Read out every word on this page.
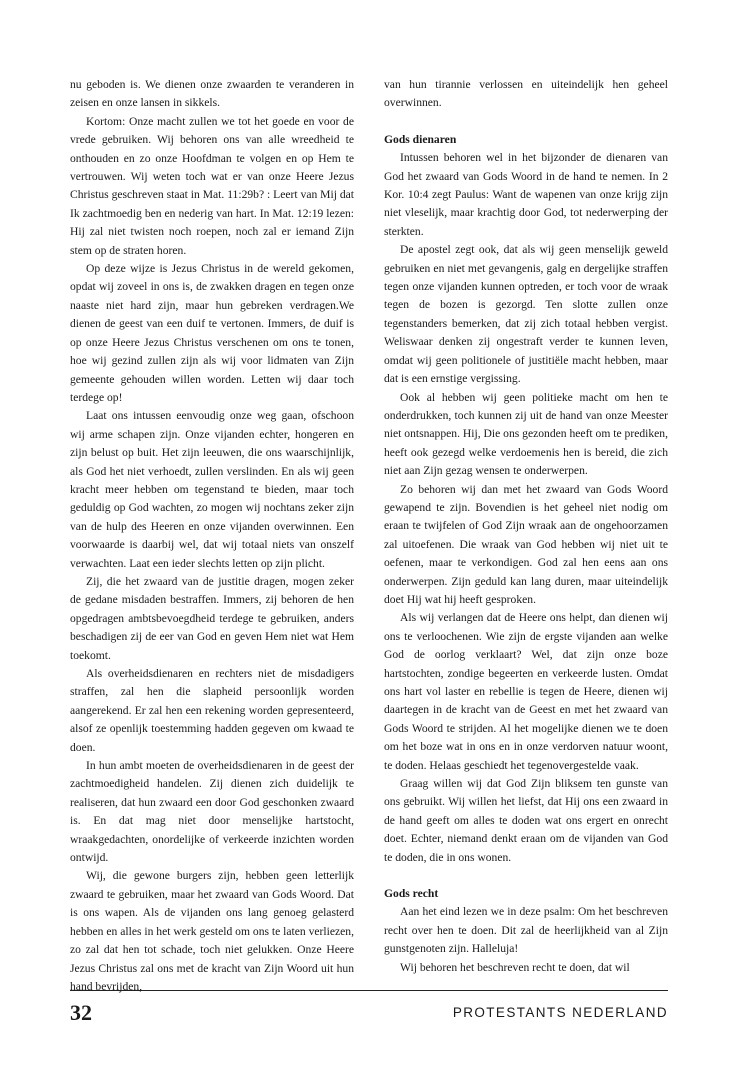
nu geboden is. We dienen onze zwaarden te veranderen in zeisen en onze lansen in sikkels.

Kortom: Onze macht zullen we tot het goede en voor de vrede gebruiken. Wij behoren ons van alle wreedheid te onthouden en zo onze Hoofdman te volgen en op Hem te vertrouwen. Wij weten toch wat er van onze Heere Jezus Christus geschreven staat in Mat. 11:29b? : Leert van Mij dat Ik zachtmoedig ben en nederig van hart. In Mat. 12:19 lezen: Hij zal niet twisten noch roepen, noch zal er iemand Zijn stem op de straten horen.

Op deze wijze is Jezus Christus in de wereld gekomen, opdat wij zoveel in ons is, de zwakken dragen en tegen onze naaste niet hard zijn, maar hun gebreken verdragen.We dienen de geest van een duif te vertonen. Immers, de duif is op onze Heere Jezus Christus verschenen om ons te tonen, hoe wij gezind zullen zijn als wij voor lidmaten van Zijn gemeente gehouden willen worden. Letten wij daar toch terdege op!

Laat ons intussen eenvoudig onze weg gaan, ofschoon wij arme schapen zijn. Onze vijanden echter, hongeren en zijn belust op buit. Het zijn leeuwen, die ons waarschijnlijk, als God het niet verhoedt, zullen verslinden. En als wij geen kracht meer hebben om tegenstand te bieden, maar toch geduldig op God wachten, zo mogen wij nochtans zeker zijn van de hulp des Heeren en onze vijanden overwinnen. Een voorwaarde is daarbij wel, dat wij totaal niets van onszelf verwachten. Laat een ieder slechts letten op zijn plicht.

Zij, die het zwaard van de justitie dragen, mogen zeker de gedane misdaden bestraffen. Immers, zij behoren de hen opgedragen ambtsbevoegdheid terdege te gebruiken, anders beschadigen zij de eer van God en geven Hem niet wat Hem toekomt.

Als overheidsdienaren en rechters niet de misdadigers straffen, zal hen die slapheid persoonlijk worden aangerekend. Er zal hen een rekening worden gepresenteerd, alsof ze openlijk toestemming hadden gegeven om kwaad te doen.

In hun ambt moeten de overheidsdienaren in de geest der zachtmoedigheid handelen. Zij dienen zich duidelijk te realiseren, dat hun zwaard een door God geschonken zwaard is. En dat mag niet door menselijke hartstocht, wraakgedachten, onordelijke of verkeerde inzichten worden ontwijd.

Wij, die gewone burgers zijn, hebben geen letterlijk zwaard te gebruiken, maar het zwaard van Gods Woord. Dat is ons wapen. Als de vijanden ons lang genoeg gelasterd hebben en alles in het werk gesteld om ons te laten verliezen, zo zal dat hen tot schade, toch niet gelukken. Onze Heere Jezus Christus zal ons met de kracht van Zijn Woord uit hun hand bevrijden,

van hun tirannie verlossen en uiteindelijk hen geheel overwinnen.

Gods dienaren

Intussen behoren wel in het bijzonder de dienaren van God het zwaard van Gods Woord in de hand te nemen. In 2 Kor. 10:4 zegt Paulus: Want de wapenen van onze krijg zijn niet vleselijk, maar krachtig door God, tot nederwerping der sterkten.

De apostel zegt ook, dat als wij geen menselijk geweld gebruiken en niet met gevangenis, galg en dergelijke straffen tegen onze vijanden kunnen optreden, er toch voor de wraak tegen de bozen is gezorgd. Ten slotte zullen onze tegenstanders bemerken, dat zij zich totaal hebben vergist. Weliswaar denken zij ongestraft verder te kunnen leven, omdat wij geen politionele of justitiële macht hebben, maar dat is een ernstige vergissing.

Ook al hebben wij geen politieke macht om hen te onderdrukken, toch kunnen zij uit de hand van onze Meester niet ontsnappen. Hij, Die ons gezonden heeft om te prediken, heeft ook gezegd welke verdoemenis hen is bereid, die zich niet aan Zijn gezag wensen te onderwerpen.

Zo behoren wij dan met het zwaard van Gods Woord gewapend te zijn. Bovendien is het geheel niet nodig om eraan te twijfelen of God Zijn wraak aan de ongehoorzamen zal uitoefenen. Die wraak van God hebben wij niet uit te oefenen, maar te verkondigen. God zal hen eens aan ons onderwerpen. Zijn geduld kan lang duren, maar uiteindelijk doet Hij wat hij heeft gesproken.

Als wij verlangen dat de Heere ons helpt, dan dienen wij ons te verloochenen. Wie zijn de ergste vijanden aan welke God de oorlog verklaart? Wel, dat zijn onze boze hartstochten, zondige begeerten en verkeerde lusten. Omdat ons hart vol laster en rebellie is tegen de Heere, dienen wij daartegen in de kracht van de Geest en met het zwaard van Gods Woord te strijden. Al het mogelijke dienen we te doen om het boze wat in ons en in onze verdorven natuur woont, te doden. Helaas geschiedt het tegenovergestelde vaak.

Graag willen wij dat God Zijn bliksem ten gunste van ons gebruikt. Wij willen het liefst, dat Hij ons een zwaard in de hand geeft om alles te doden wat ons ergert en onrecht doet. Echter, niemand denkt eraan om de vijanden van God te doden, die in ons wonen.

Gods recht

Aan het eind lezen we in deze psalm: Om het beschreven recht over hen te doen. Dit zal de heerlijkheid van al Zijn gunstgenoten zijn. Halleluja!

Wij behoren het beschreven recht te doen, dat wil

32	PROTESTANTS NEDERLAND
